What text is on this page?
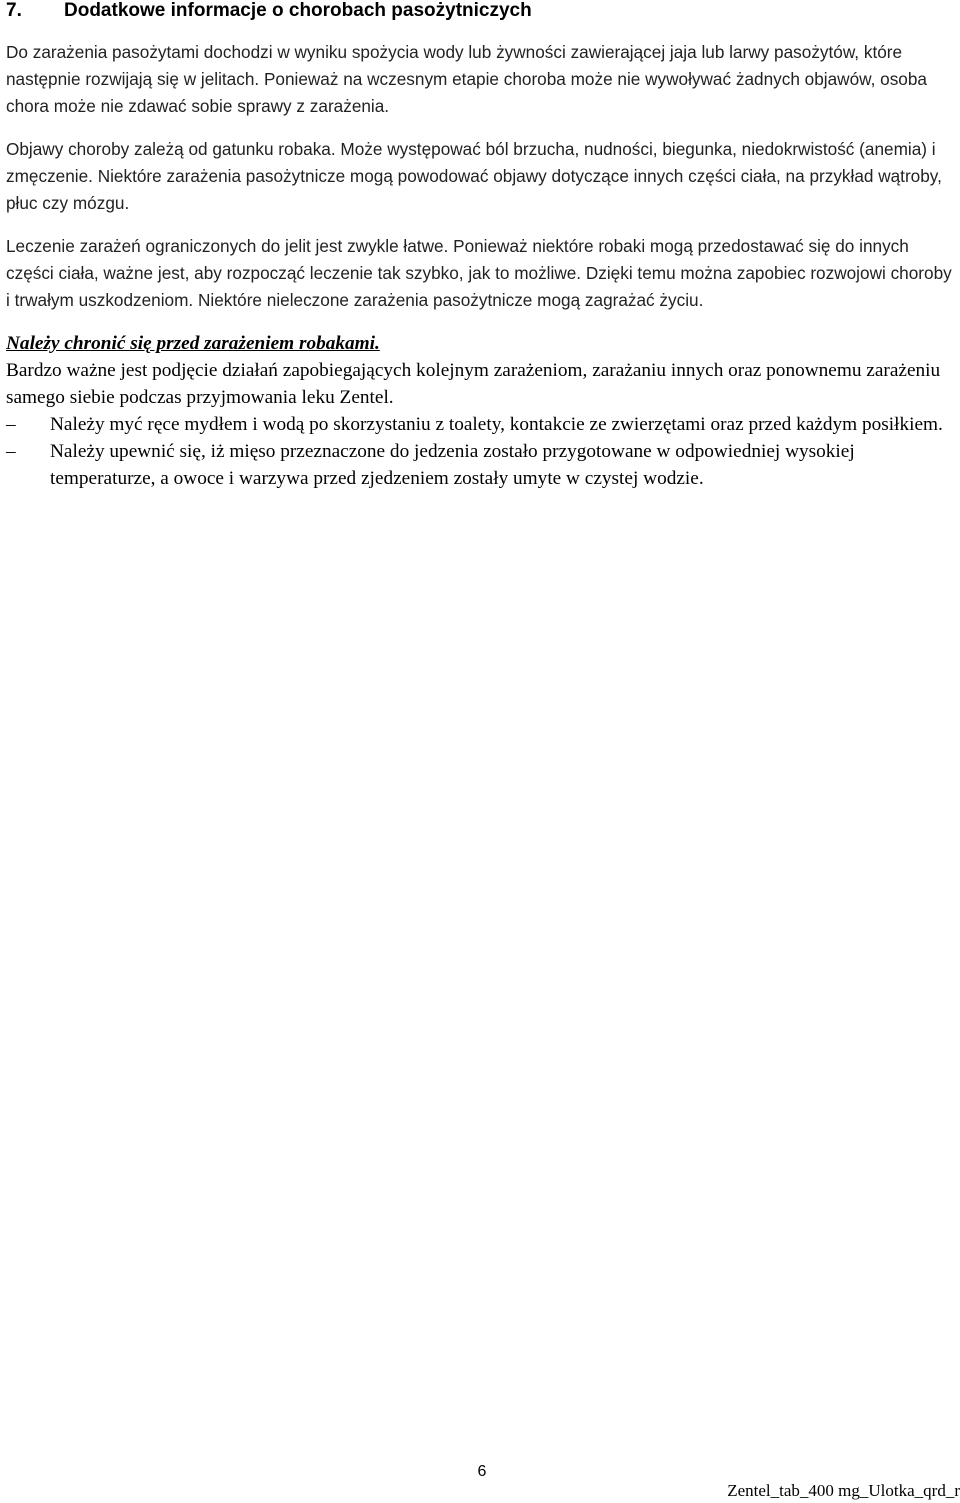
7.	Dodatkowe informacje o chorobach pasożytniczych

Do zarażenia pasożytami dochodzi w wyniku spożycia wody lub żywności zawierającej jaja lub larwy pasożytów, które następnie rozwijają się w jelitach. Ponieważ na wczesnym etapie choroba może nie wywoływać żadnych objawów, osoba chora może nie zdawać sobie sprawy z zarażenia.

Objawy choroby zależą od gatunku robaka. Może występować ból brzucha, nudności, biegunka, niedokrwistość (anemia) i zmęczenie. Niektóre zarażenia pasożytnicze mogą powodować objawy dotyczące innych części ciała, na przykład wątroby, płuc czy mózgu.

Leczenie zarażeń ograniczonych do jelit jest zwykle łatwe. Ponieważ niektóre robaki mogą przedostawać się do innych części ciała, ważne jest, aby rozpocząć leczenie tak szybko, jak to możliwe. Dzięki temu można zapobiec rozwojowi choroby i trwałym uszkodzeniom. Niektóre nieleczone zarażenia pasożytnicze mogą zagrażać życiu.

Należy chronić się przed zarażeniem robakami.

Bardzo ważne jest podjęcie działań zapobiegających kolejnym zarażeniom, zarażaniu innych oraz ponownemu zarażeniu samego siebie podczas przyjmowania leku Zentel.

–	Należy myć ręce mydłem i wodą po skorzystaniu z toalety, kontakcie ze zwierzętami oraz przed każdym posiłkiem.
–	Należy upewnić się, iż mięso przeznaczone do jedzenia zostało przygotowane w odpowiedniej wysokiej temperaturze, a owoce i warzywa przed zjedzeniem zostały umyte w czystej wodzie.
6
Zentel_tab_400 mg_Ulotka_qrd_r
